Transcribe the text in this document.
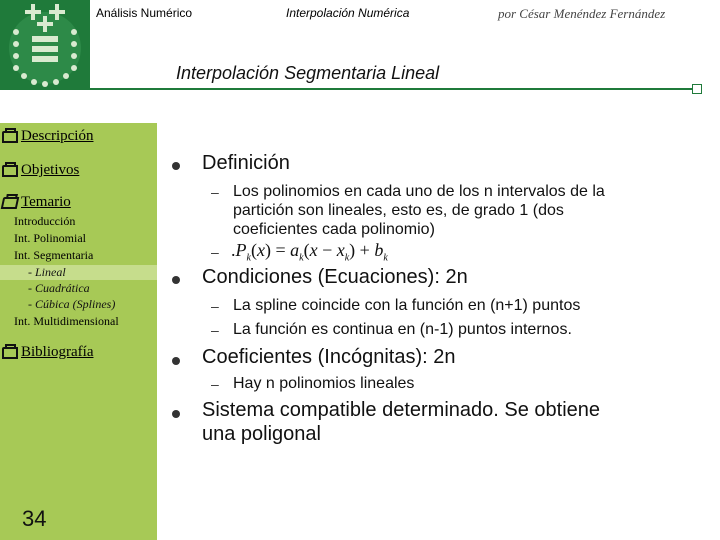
Análisis Numérico	Interpolación Numérica	por César Menéndez Fernández
Interpolación Segmentaria Lineal
Descripción
Objetivos
Temario
Introducción
Int. Polinomial
Int. Segmentaria
- Lineal
- Cuadrática
- Cúbica (Splines)
Int. Multidimensional
Bibliografía
34
Definición
– Los polinomios en cada uno de los n intervalos de la
partición son lineales, esto es, de grado 1 (dos
coeficientes cada polinomio)
– $.P_k(x) = a_k(x - x_k) + b_k$
Condiciones (Ecuaciones): 2n
– La spline coincide con la función en (n+1) puntos
– La función es continua en (n-1) puntos internos.
Coeficientes (Incógnitas): 2n
– Hay n polinomios lineales
Sistema compatible determinado. Se obtiene
una poligonal
